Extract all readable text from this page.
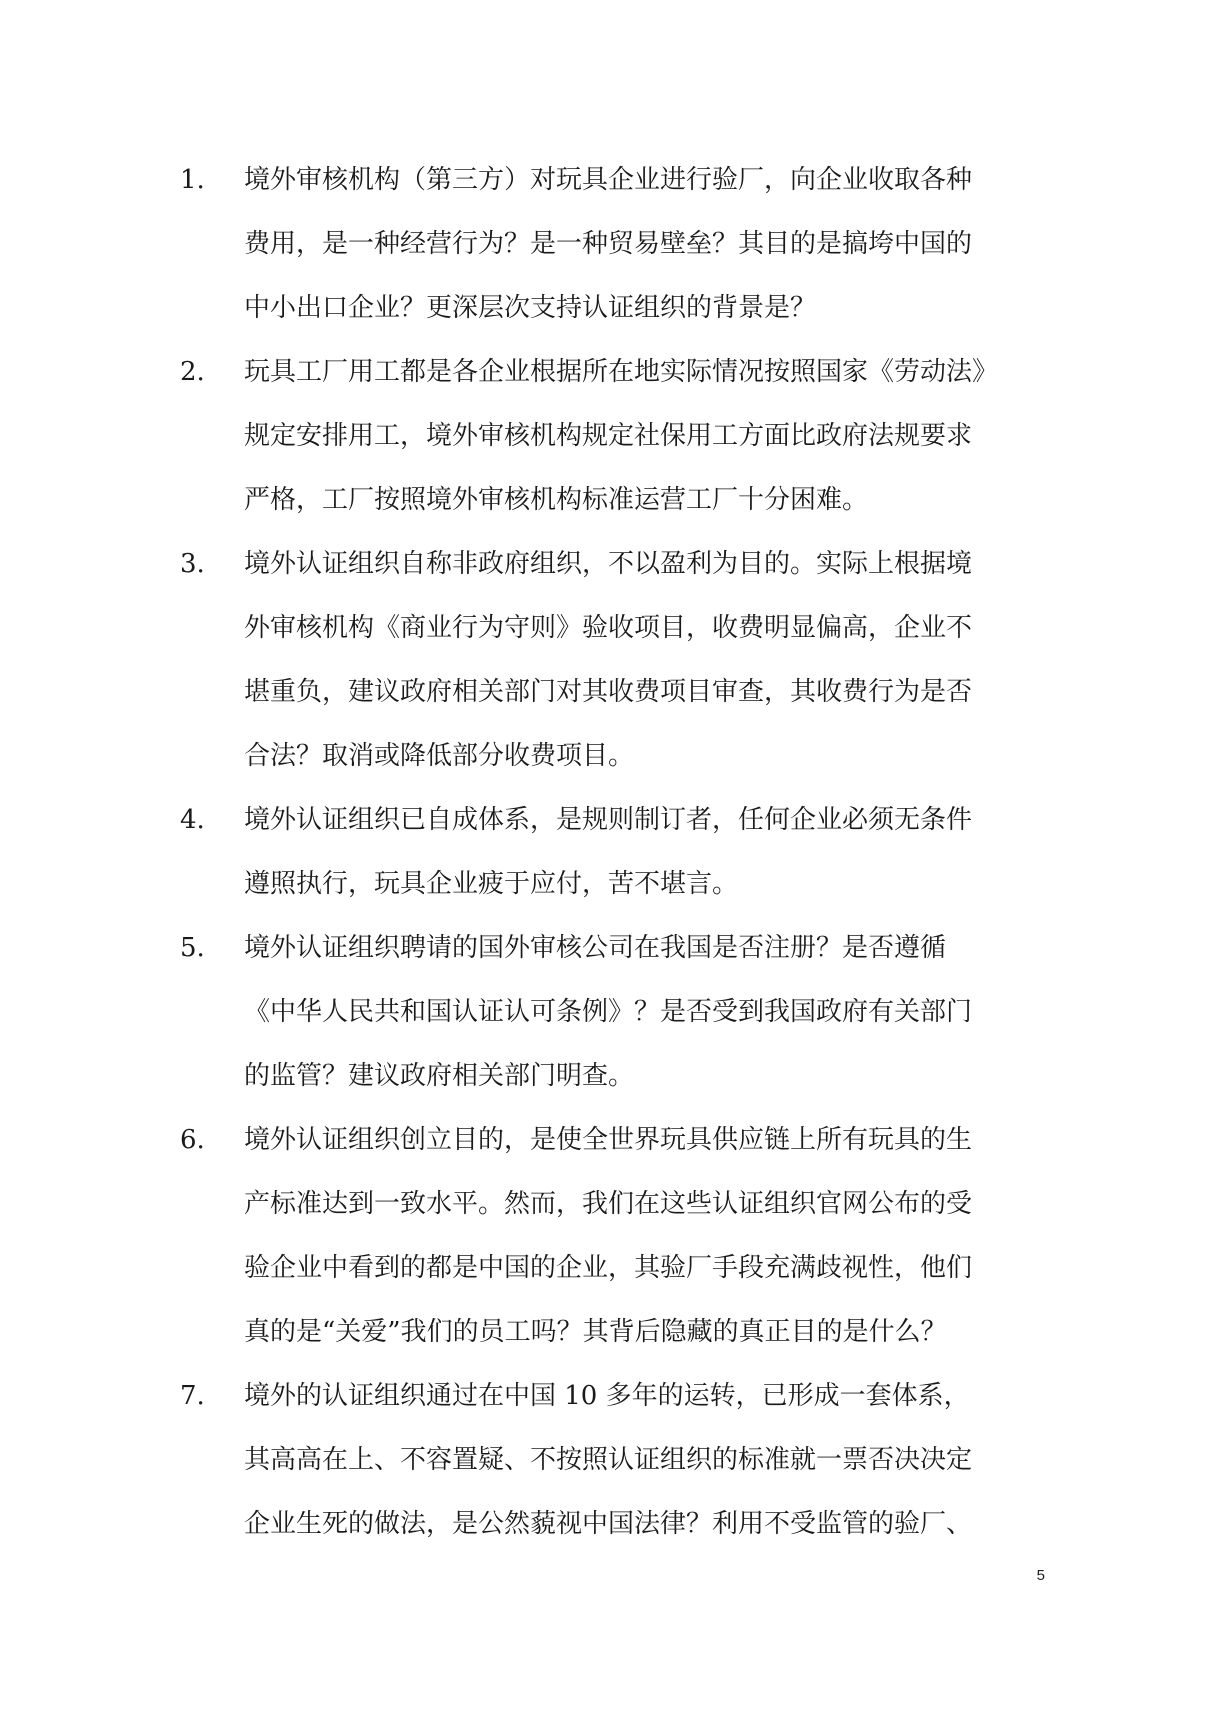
1.	境外审核机构（第三方）对玩具企业进行验厂，向企业收取各种
费用，是一种经营行为？是一种贸易壁垒？其目的是搞垮中国的
中小出口企业？更深层次支持认证组织的背景是？
2.	玩具工厂用工都是各企业根据所在地实际情况按照国家《劳动法》
规定安排用工，境外审核机构规定社保用工方面比政府法规要求
严格，工厂按照境外审核机构标准运营工厂十分困难。
3.	境外认证组织自称非政府组织，不以盈利为目的。实际上根据境
外审核机构《商业行为守则》验收项目，收费明显偏高，企业不
堪重负，建议政府相关部门对其收费项目审查，其收费行为是否
合法？取消或降低部分收费项目。
4.	境外认证组织已自成体系，是规则制订者，任何企业必须无条件
遵照执行，玩具企业疲于应付，苦不堪言。
5.	境外认证组织聘请的国外审核公司在我国是否注册？是否遵循
《中华人民共和国认证认可条例》？是否受到我国政府有关部门
的监管？建议政府相关部门明查。
6.	境外认证组织创立目的，是使全世界玩具供应链上所有玩具的生
产标准达到一致水平。然而，我们在这些认证组织官网公布的受
验企业中看到的都是中国的企业，其验厂手段充满歧视性，他们
真的是“关爱”我们的员工吗？其背后隐藏的真正目的是什么？
7.	境外的认证组织通过在中国 10 多年的运转，已形成一套体系，
其高高在上、不容置疑、不按照认证组织的标准就一票否决决定
企业生死的做法，是公然藐视中国法律？利用不受监管的验厂、
5
